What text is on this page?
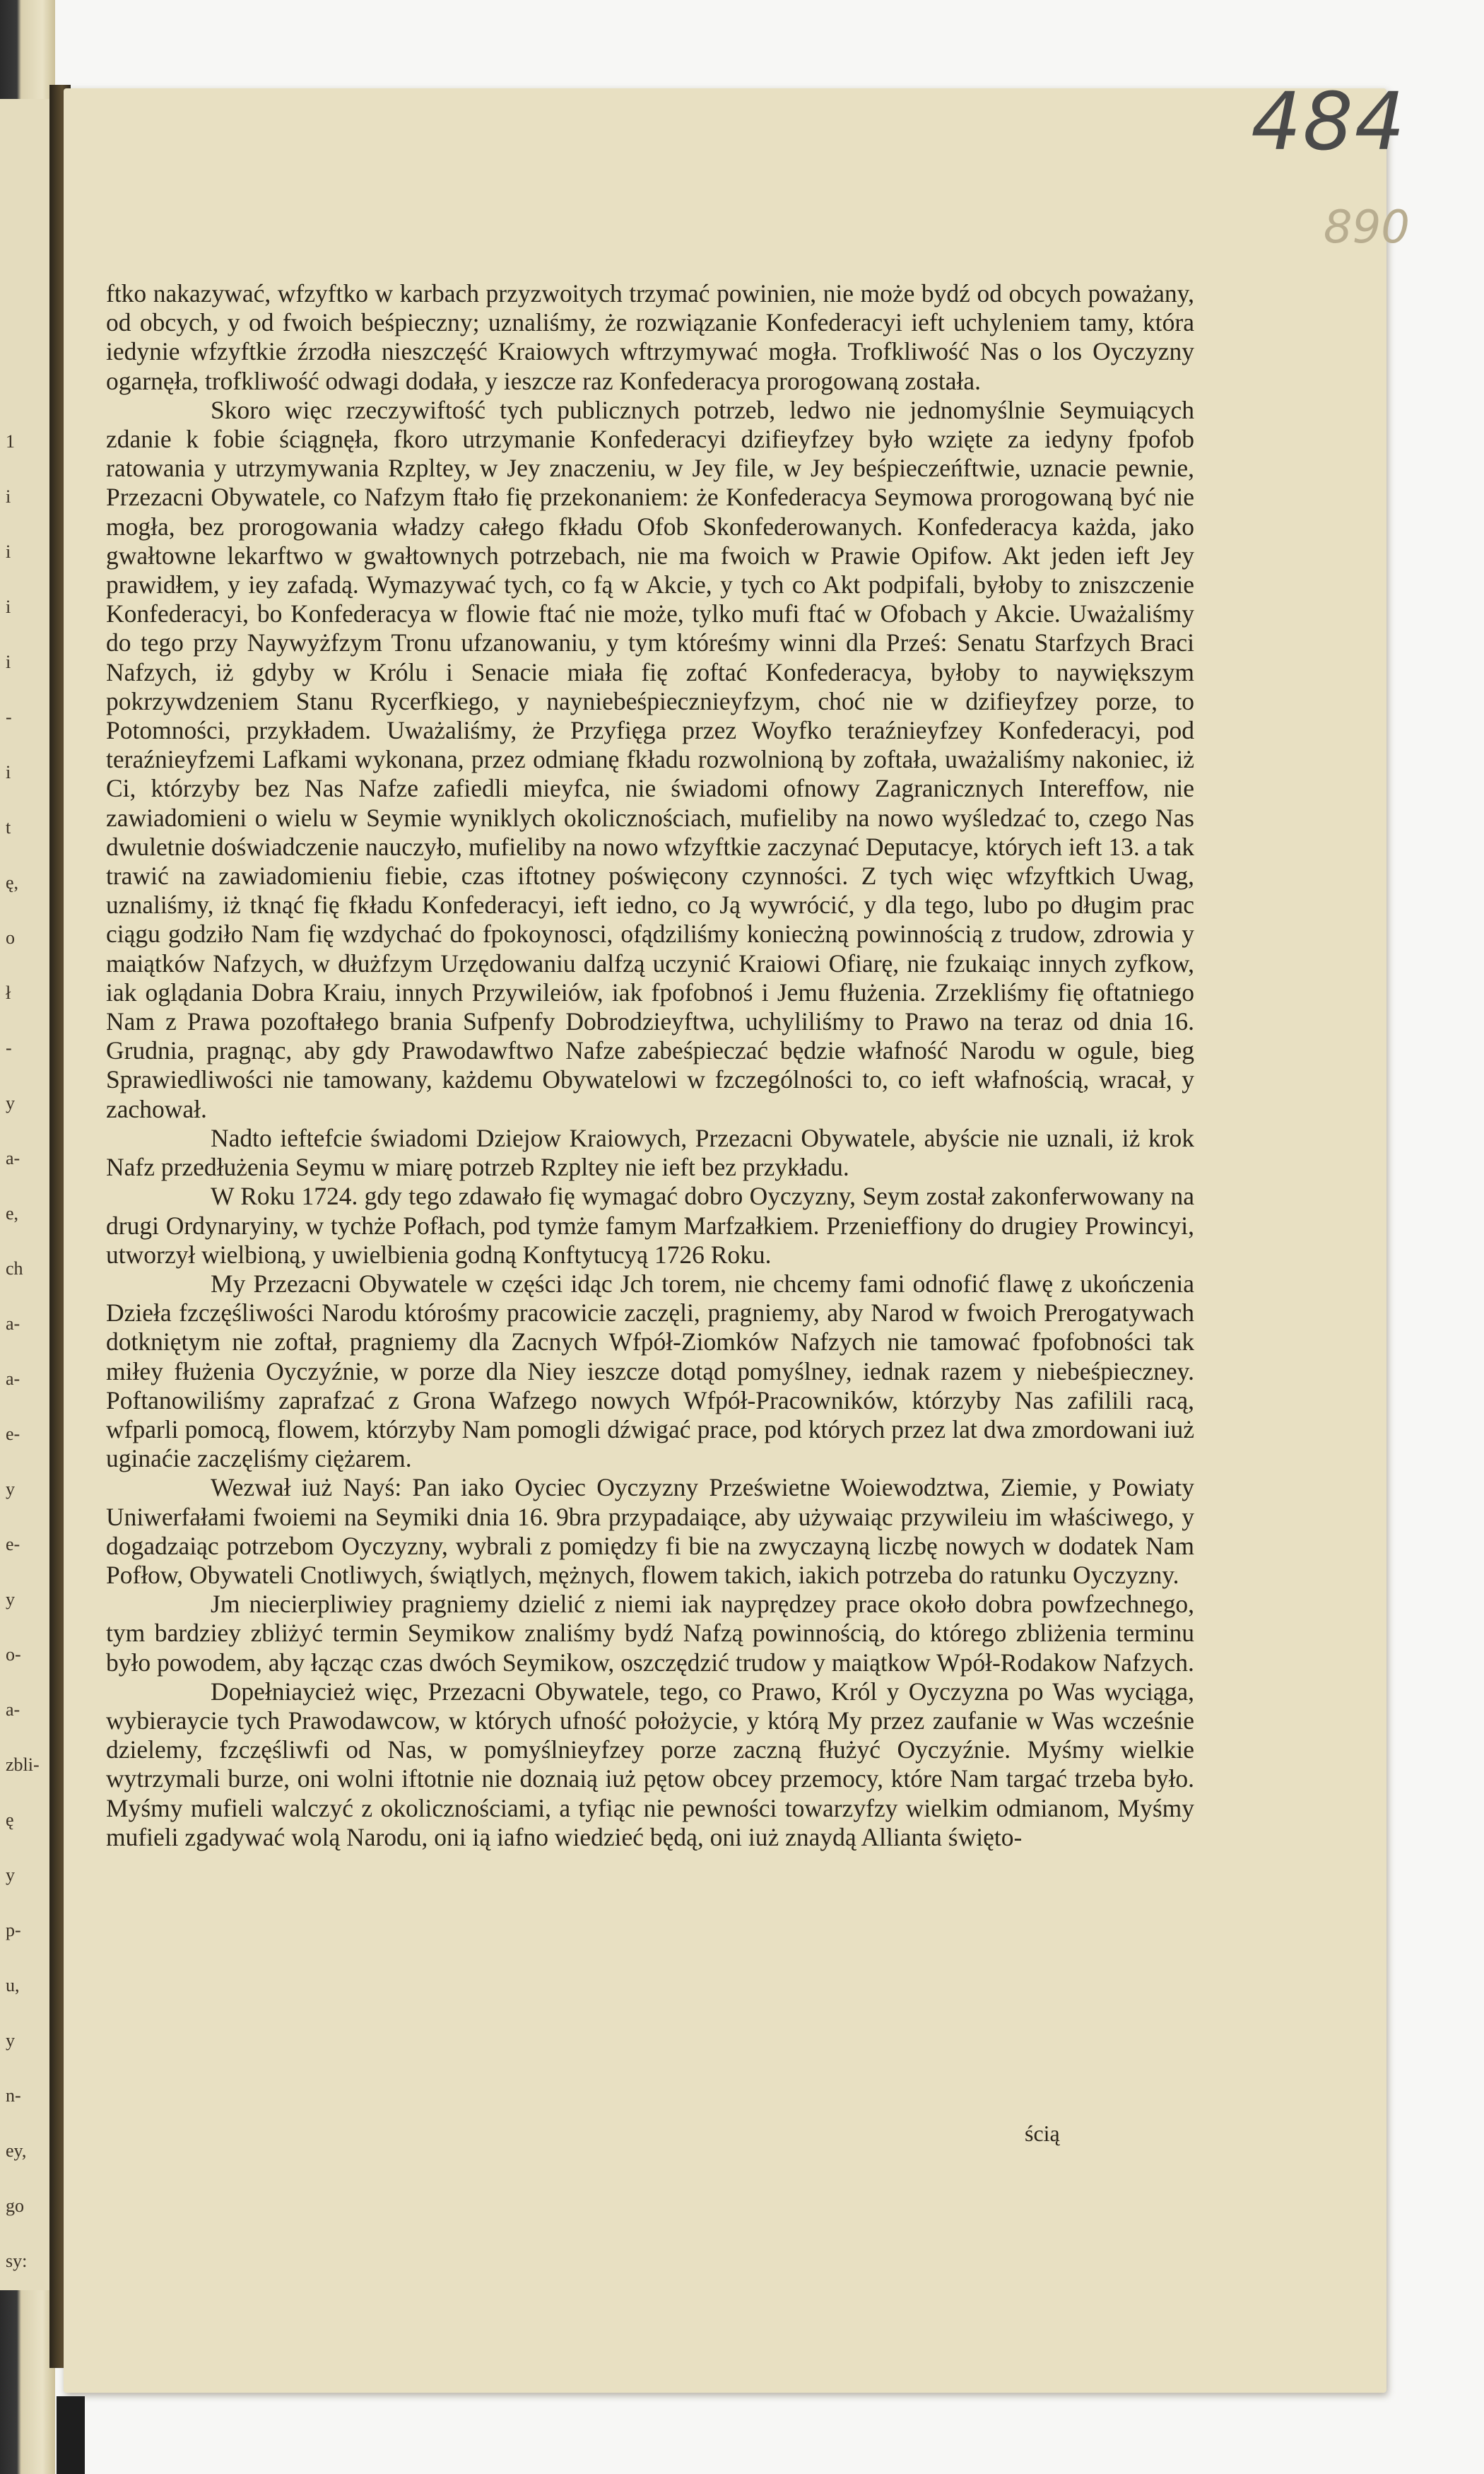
1
i
i
i
i
-
i
t
ę,
o
ł
-
y
a-
e,
ch
a-
a-
e-
y
e-
y
o-
a-
zbli-
ę
y
p-
u,
y
n-
ey,
go
sy:
484
890

ftko nakazywać, wfzyftko w karbach przyzwoitych trzymać powinien, nie może bydź od obcych poważany, od obcych, y od fwoich beśpieczny; uznaliśmy, że rozwiązanie Konfederacyi ieft uchyleniem tamy, która iedynie wfzyftkie źrzodła nieszczęść Kraiowych wftrzymywać mogła. Trofkliwość Nas o los Oyczyzny ogarnęła, trofkliwość odwagi dodała, y ieszcze raz Konfederacya prorogowaną została.

Skoro więc rzeczywiftość tych publicznych potrzeb, ledwo nie jednomyślnie Seymuiących zdanie k fobie ściągnęła, fkoro utrzymanie Konfederacyi dzifieyfzey było wzięte za iedyny fpofob ratowania y utrzymywania Rzpltey, w Jey znaczeniu, w Jey file, w Jey beśpieczeńftwie, uznacie pewnie, Przezacni Obywatele, co Nafzym ftało fię przekonaniem: że Konfederacya Seymowa prorogowaną być nie mogła, bez prorogowania władzy całego fkładu Ofob Skonfederowanych. Konfederacya każda, jako gwałtowne lekarftwo w gwałtownych potrzebach, nie ma fwoich w Prawie Opifow. Akt jeden ieft Jey prawidłem, y iey zafadą. Wymazywać tych, co fą w Akcie, y tych co Akt podpifali, byłoby to zniszczenie Konfederacyi, bo Konfederacya w flowie ftać nie może, tylko mufi ftać w Ofobach y Akcie. Uważaliśmy do tego przy Naywyżfzym Tronu ufzanowaniu, y tym któreśmy winni dla Prześ: Senatu Starfzych Braci Nafzych, iż gdyby w Królu i Senacie miała fię zoftać Konfederacya, byłoby to naywiększym pokrzywdzeniem Stanu Rycerfkiego, y nayniebeśpiecznieyfzym, choć nie w dzifieyfzey porze, to Potomności, przykładem. Uważaliśmy, że Przyfięga przez Woyfko teraźnieyfzey Konfederacyi, pod teraźnieyfzemi Lafkami wykonana, przez odmianę fkładu rozwolnioną by zoftała, uważaliśmy nakoniec, iż Ci, którzyby bez Nas Nafze zafiedli mieyfca, nie świadomi ofnowy Zagranicznych Intereffow, nie zawiadomieni o wielu w Seymie wyniklych okolicznościach, mufieliby na nowo wyśledzać to, czego Nas dwuletnie doświadczenie nauczyło, mufieliby na nowo wfzyftkie zaczynać Deputacye, których ieft 13. a tak trawić na zawiadomieniu fiebie, czas iftotney poświęcony czynności. Z tych więc wfzyftkich Uwag, uznaliśmy, iż tknąć fię fkładu Konfederacyi, ieft iedno, co Ją wywrócić, y dla tego, lubo po długim prac ciągu godziło Nam fię wzdychać do fpokoynosci, ofądziliśmy koniecżną powinnością z trudow, zdrowia y maiątków Nafzych, w dłużfzym Urzędowaniu dalfzą uczynić Kraiowi Ofiarę, nie fzukaiąc innych zyfkow, iak oglądania Dobra Kraiu, innych Przywileiów, iak fpofobnoś i Jemu fłużenia. Zrzekliśmy fię oftatniego Nam z Prawa pozoftałego brania Sufpenfy Dobrodzieyftwa, uchyliliśmy to Prawo na teraz od dnia 16. Grudnia, pragnąc, aby gdy Prawodawftwo Nafze zabeśpieczać będzie włafność Narodu w ogule, bieg Sprawiedliwości nie tamowany, każdemu Obywatelowi w fzczególności to, co ieft włafnością, wracał, y zachował.

Nadto ieftefcie świadomi Dziejow Kraiowych, Przezacni Obywatele, abyście nie uznali, iż krok Nafz przedłużenia Seymu w miarę potrzeb Rzpltey nie ieft bez przykładu.

W Roku 1724. gdy tego zdawało fię wymagać dobro Oyczyzny, Seym został zakonferwowany na drugi Ordynaryiny, w tychże Pofłach, pod tymże famym Marfzałkiem. Przenieffiony do drugiey Prowincyi, utworzył wielbioną, y uwielbienia godną Konftytucyą 1726 Roku.

My Przezacni Obywatele w części idąc Jch torem, nie chcemy fami odnofić flawę z ukończenia Dzieła fzczęśliwości Narodu którośmy pracowicie zaczęli, pragniemy, aby Narod w fwoich Prerogatywach dotkniętym nie zoftał, pragniemy dla Zacnych Wfpół-Ziomków Nafzych nie tamować fpofobności tak miłey fłużenia Oyczyźnie, w porze dla Niey ieszcze dotąd pomyślney, iednak razem y niebeśpieczney. Poftanowiliśmy zaprafzać z Grona Wafzego nowych Wfpół-Pracowników, którzyby Nas zafilili racą, wfparli pomocą, flowem, którzyby Nam pomogli dźwigać prace, pod których przez lat dwa zmordowani iuż uginaćie zaczęliśmy ciężarem.

Wezwał iuż Nayś: Pan iako Oyciec Oyczyzny Prześwietne Woiewodztwa, Ziemie, y Powiaty Uniwerfałami fwoiemi na Seymiki dnia 16. 9bra przypadaiące, aby używaiąc przywileiu im właściwego, y dogadzaiąc potrzebom Oyczyzny, wybrali z pomiędzy fi bie na zwyczayną liczbę nowych w dodatek Nam Pofłow, Obywateli Cnotliwych, świątlych, mężnych, flowem takich, iakich potrzeba do ratunku Oyczyzny.

Jm niecierpliwiey pragniemy dzielić z niemi iak nayprędzey prace około dobra powfzechnego, tym bardziey zbliżyć termin Seymikow znaliśmy bydź Nafzą powinnością, do którego zbliżenia terminu było powodem, aby łącząc czas dwóch Seymikow, oszczędzić trudow y maiątkow Wpół-Rodakow Nafzych.

Dopełniaycież więc, Przezacni Obywatele, tego, co Prawo, Król y Oyczyzna po Was wyciąga, wybieraycie tych Prawodawcow, w których ufność położycie, y którą My przez zaufanie w Was wcześnie dzielemy, fzczęśliwfi od Nas, w pomyślnieyfzey porze zaczną fłużyć Oyczyźnie. Myśmy wielkie wytrzymali burze, oni wolni iftotnie nie doznaią iuż pętow obcey przemocy, które Nam targać trzeba było. Myśmy mufieli walczyć z okolicznościami, a tyfiąc nie pewności towarzyfzy wielkim odmianom, Myśmy mufieli zgadywać wolą Narodu, oni ią iafno wiedzieć będą, oni iuż znaydą Allianta święto-

ścią
